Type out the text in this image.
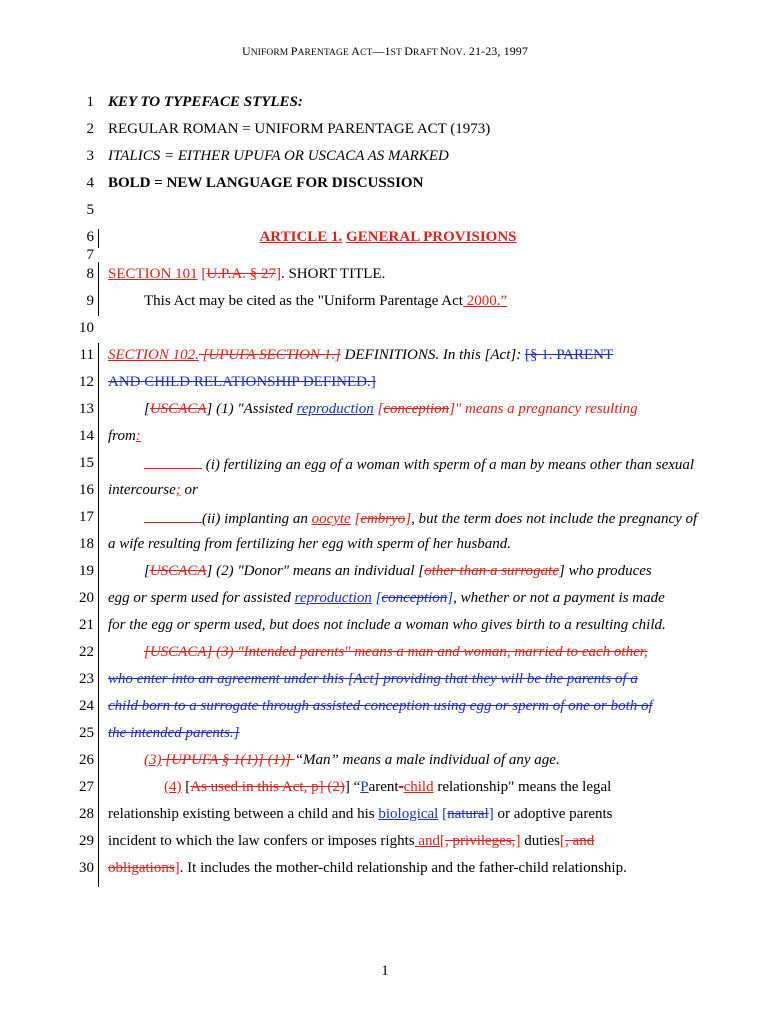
UNIFORM PARENTAGE ACT—1ST DRAFT NOV. 21-23, 1997
1
2
3
4
5
6
7
8
9
10
11
12
13
14
15
16
17
18
19
20
21
22
23
24
25
26
27
28
29
30
KEY TO TYPEFACE STYLES:
REGULAR ROMAN = UNIFORM PARENTAGE ACT (1973)
ITALICS = EITHER UPUFA OR USCACA AS MARKED
BOLD = NEW LANGUAGE FOR DISCUSSION
ARTICLE 1. GENERAL PROVISIONS
SECTION 101 [U.P.A. § 27]. SHORT TITLE.
This Act may be cited as the "Uniform Parentage Act 2000.”
SECTION 102. [UPUFA SECTION 1.] DEFINITIONS. In this [Act]: [§ 1. PARENT
AND CHILD RELATIONSHIP DEFINED.]
[USCACA] (1) "Assisted reproduction [conception]" means a pregnancy resulting
from:
(i) fertilizing an egg of a woman with sperm of a man by means other than sexual
intercourse; or
(ii) implanting an oocyte [embryo], but the term does not include the pregnancy of
a wife resulting from fertilizing her egg with sperm of her husband.
[USCACA] (2) "Donor" means an individual [other than a surrogate] who produces
egg or sperm used for assisted reproduction [conception], whether or not a payment is made
for the egg or sperm used, but does not include a woman who gives birth to a resulting child.
[USCACA] (3) "Intended parents" means a man and woman, married to each other,
who enter into an agreement under this [Act] providing that they will be the parents of a
child born to a surrogate through assisted conception using egg or sperm of one or both of
the intended parents.]
(3) [UPUFA § 1(1)] (1)] “Man” means a male individual of any age.
(4) [As used in this Act, p] (2)] “Parent-child relationship" means the legal
relationship existing between a child and his biological [natural] or adoptive parents
incident to which the law confers or imposes rights and[, privileges,] duties[, and
obligations]. It includes the mother-child relationship and the father-child relationship.
1
